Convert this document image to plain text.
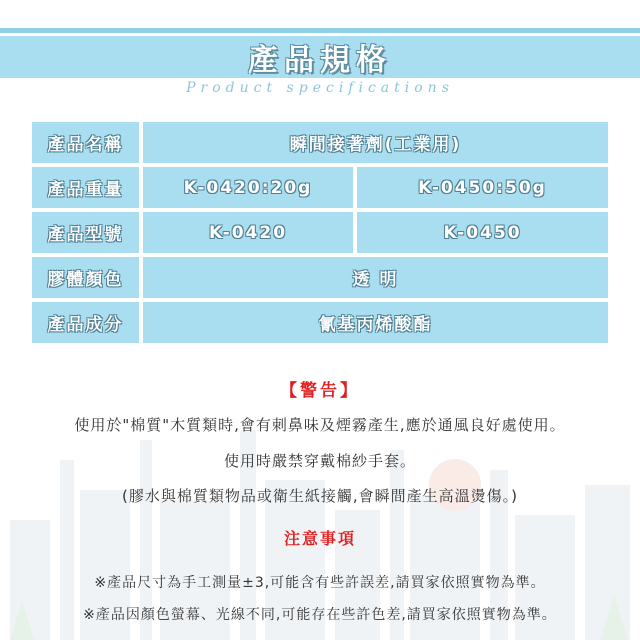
產品規格
Product specifications
產品名稱	瞬間接著劑(工業用)
產品重量	K-0420:20g	K-0450:50g
產品型號	K-0420	K-0450
膠體顏色	透 明
產品成分	氰基丙烯酸酯
【警告】
使用於"棉質"木質類時,會有刺鼻味及煙霧產生,應於通風良好處使用。
使用時嚴禁穿戴棉紗手套。
(膠水與棉質類物品或衛生紙接觸,會瞬間產生高溫燙傷。)
注意事項
※產品尺寸為手工測量±3,可能含有些許誤差,請買家依照實物為準。
※產品因顏色螢幕、光線不同,可能存在些許色差,請買家依照實物為準。
